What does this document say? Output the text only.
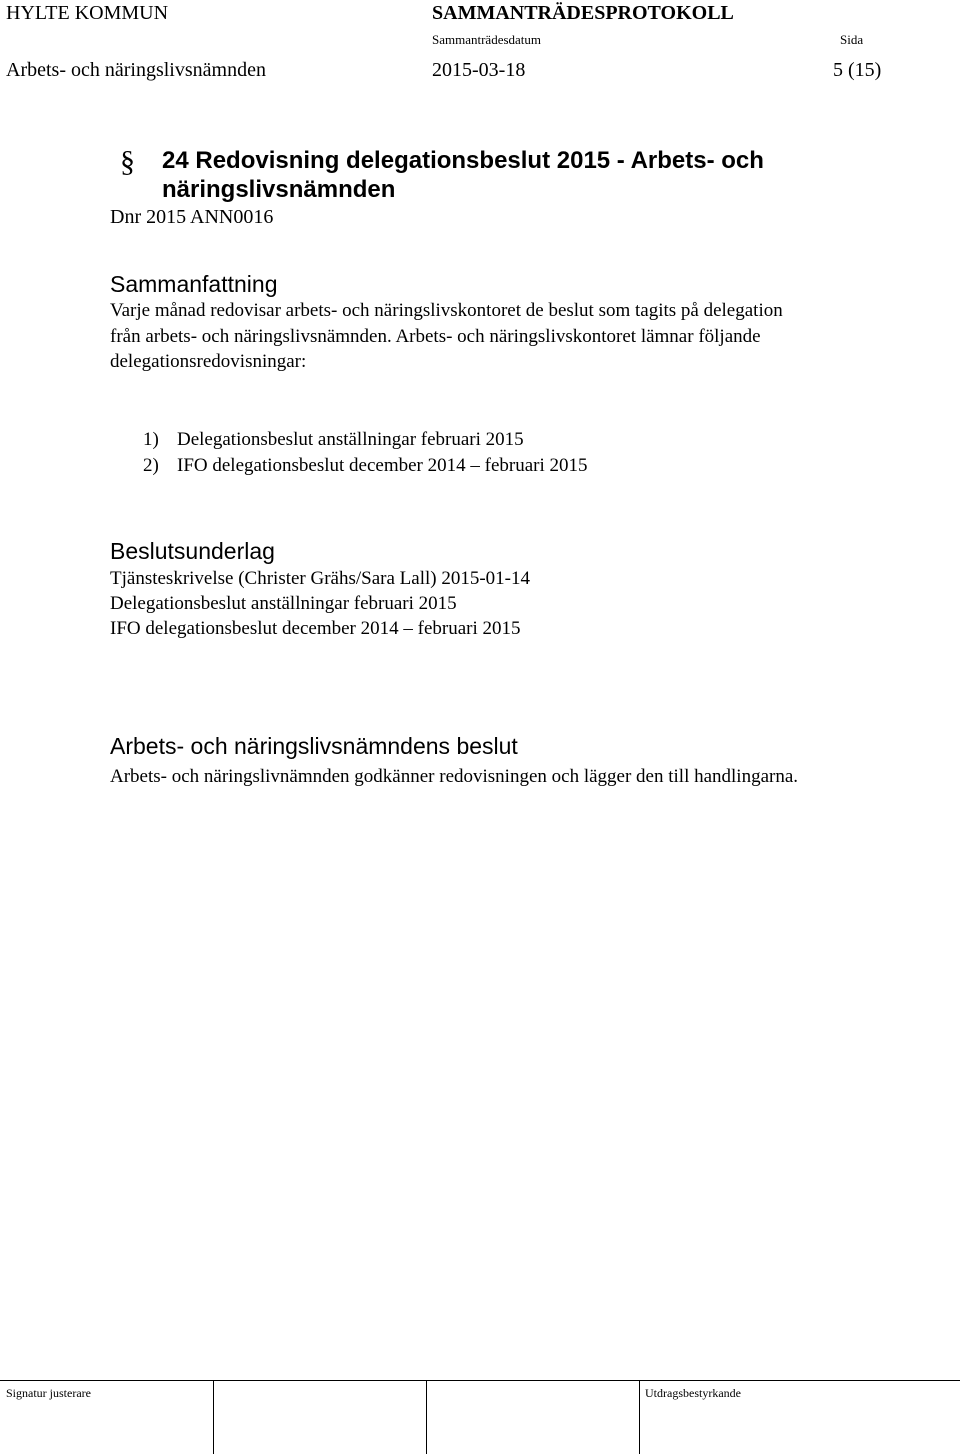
HYLTE KOMMUN	SAMMANTRÄDESPROTOKOLL
Sammanträdesdatum	Sida
Arbets- och näringslivsnämnden	2015-03-18	5 (15)
§ 24 Redovisning delegationsbeslut 2015 - Arbets- och näringslivsnämnden
Dnr 2015 ANN0016
Sammanfattning
Varje månad redovisar arbets- och näringslivskontoret de beslut som tagits på delegation
från arbets- och näringslivsnämnden. Arbets- och näringslivskontoret lämnar följande
delegationsredovisningar:
1) Delegationsbeslut anställningar februari 2015
2) IFO delegationsbeslut december 2014 – februari 2015
Beslutsunderlag
Tjänsteskrivelse (Christer Grähs/Sara Lall) 2015-01-14
Delegationsbeslut anställningar februari 2015
IFO delegationsbeslut december 2014 – februari 2015
Arbets- och näringslivsnämndens beslut
Arbets- och näringslivnämnden godkänner redovisningen och lägger den till handlingarna.
Signatur justerare	Utdragsbestyrkande
